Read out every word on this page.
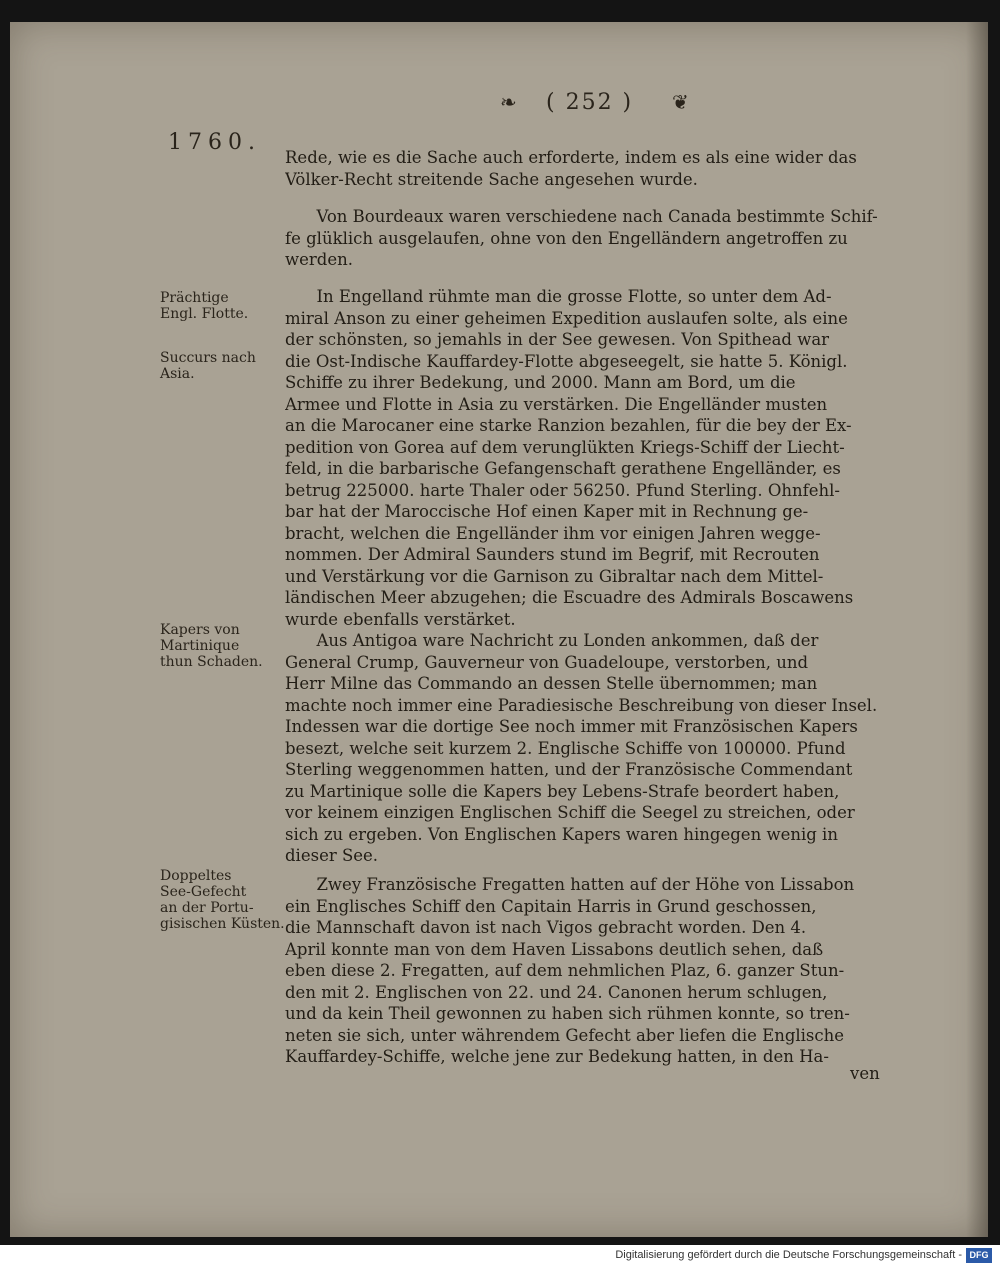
❧ ( 252 ) ❦
1760.
Rede, wie es die Sache auch erforderte, indem es als eine wider das
Völker-Recht streitende Sache angesehen wurde.
Von Bourdeaux waren verschiedene nach Canada bestimmte Schif-
fe glüklich ausgelaufen, ohne von den Engelländern angetroffen zu
werden.
Prächtige
Engl. Flotte.
Succurs nach
Asia.
In Engelland rühmte man die grosse Flotte, so unter dem Ad-
miral Anson zu einer geheimen Expedition auslaufen solte, als eine
der schönsten, so jemahls in der See gewesen. Von Spithead war
die Ost-Indische Kauffardey-Flotte abgeseegelt, sie hatte 5. Königl.
Schiffe zu ihrer Bedekung, und 2000. Mann am Bord, um die
Armee und Flotte in Asia zu verstärken. Die Engelländer musten
an die Marocaner eine starke Ranzion bezahlen, für die bey der Ex-
pedition von Gorea auf dem verunglükten Kriegs-Schiff der Liecht-
feld, in die barbarische Gefangenschaft gerathene Engelländer, es
betrug 225000. harte Thaler oder 56250. Pfund Sterling. Ohnfehl-
bar hat der Maroccische Hof einen Kaper mit in Rechnung ge-
bracht, welchen die Engelländer ihm vor einigen Jahren wegge-
nommen. Der Admiral Saunders stund im Begrif, mit Recrouten
und Verstärkung vor die Garnison zu Gibraltar nach dem Mittel-
ländischen Meer abzugehen; die Escuadre des Admirals Boscawens
wurde ebenfalls verstärket.
Kapers von
Martinique
thun Schaden.
Aus Antigoa ware Nachricht zu Londen ankommen, daß der
General Crump, Gauverneur von Guadeloupe, verstorben, und
Herr Milne das Commando an dessen Stelle übernommen; man
machte noch immer eine Paradiesische Beschreibung von dieser Insel.
Indessen war die dortige See noch immer mit Französischen Kapers
besezt, welche seit kurzem 2. Englische Schiffe von 100000. Pfund
Sterling weggenommen hatten, und der Französische Commendant
zu Martinique solle die Kapers bey Lebens-Strafe beordert haben,
vor keinem einzigen Englischen Schiff die Seegel zu streichen, oder
sich zu ergeben. Von Englischen Kapers waren hingegen wenig in
dieser See.
Doppeltes
See-Gefecht
an der Portu-
gisischen Küsten.
Zwey Französische Fregatten hatten auf der Höhe von Lissabon
ein Englisches Schiff den Capitain Harris in Grund geschossen,
die Mannschaft davon ist nach Vigos gebracht worden. Den 4.
April konnte man von dem Haven Lissabons deutlich sehen, daß
eben diese 2. Fregatten, auf dem nehmlichen Plaz, 6. ganzer Stun-
den mit 2. Englischen von 22. und 24. Canonen herum schlugen,
und da kein Theil gewonnen zu haben sich rühmen konnte, so tren-
neten sie sich, unter währendem Gefecht aber liefen die Englische
Kauffardey-Schiffe, welche jene zur Bedekung hatten, in den Ha-
ven
Digitalisierung gefördert durch die Deutsche Forschungsgemeinschaft - DFG
